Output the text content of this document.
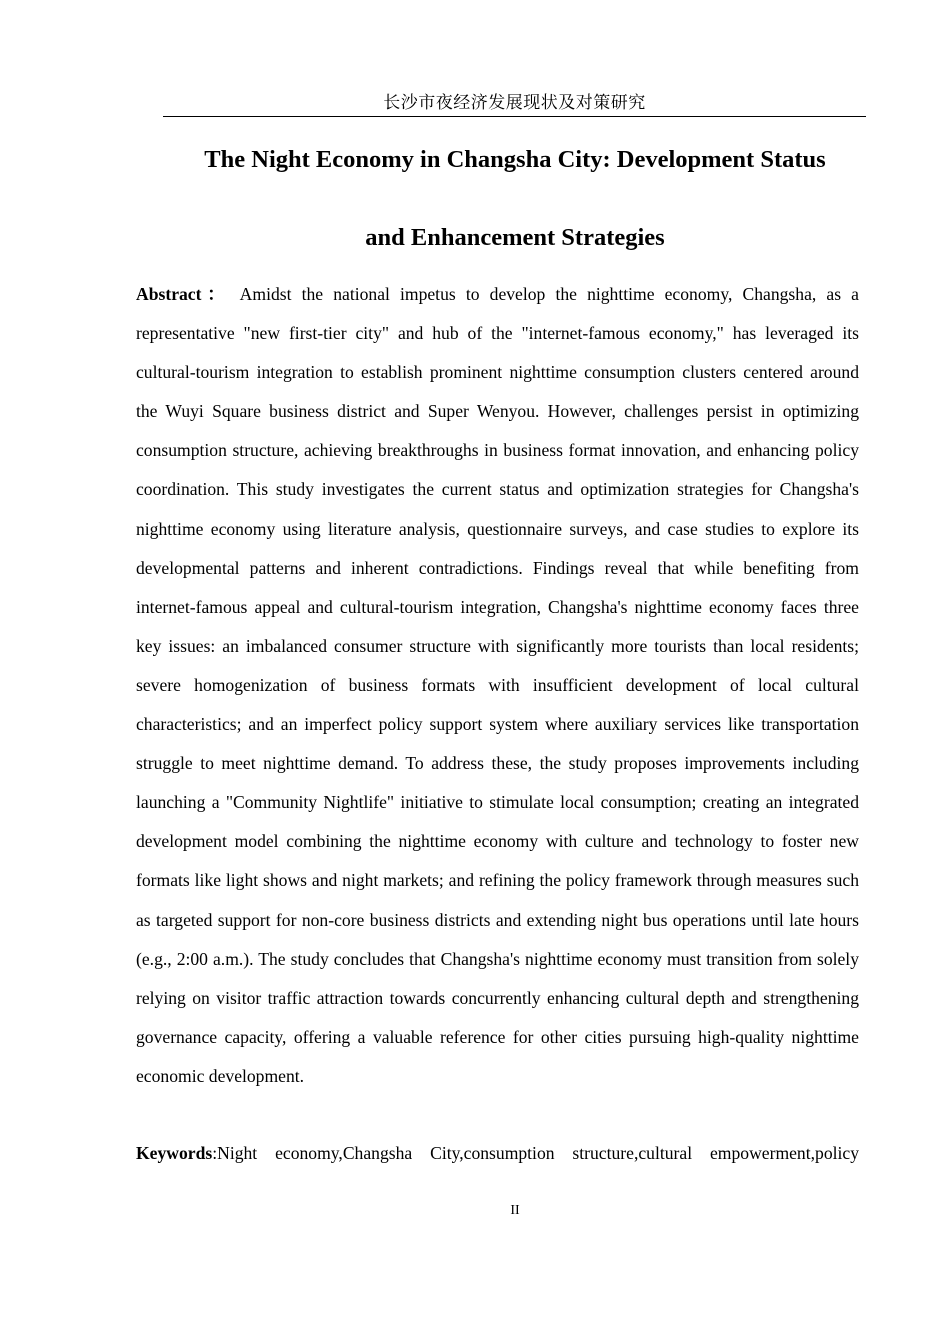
长沙市夜经济发展现状及对策研究
The Night Economy in Changsha City: Development Status
and Enhancement Strategies

Abstract： Amidst the national impetus to develop the nighttime economy, Changsha, as a representative "new first-tier city" and hub of the "internet-famous economy," has leveraged its cultural-tourism integration to establish prominent nighttime consumption clusters centered around the Wuyi Square business district and Super Wenyou. However, challenges persist in optimizing consumption structure, achieving breakthroughs in business format innovation, and enhancing policy coordination. This study investigates the current status and optimization strategies for Changsha's nighttime economy using literature analysis, questionnaire surveys, and case studies to explore its developmental patterns and inherent contradictions. Findings reveal that while benefiting from internet-famous appeal and cultural-tourism integration, Changsha's nighttime economy faces three key issues: an imbalanced consumer structure with significantly more tourists than local residents; severe homogenization of business formats with insufficient development of local cultural characteristics; and an imperfect policy support system where auxiliary services like transportation struggle to meet nighttime demand. To address these, the study proposes improvements including launching a "Community Nightlife" initiative to stimulate local consumption; creating an integrated development model combining the nighttime economy with culture and technology to foster new formats like light shows and night markets; and refining the policy framework through measures such as targeted support for non-core business districts and extending night bus operations until late hours (e.g., 2:00 a.m.). The study concludes that Changsha's nighttime economy must transition from solely relying on visitor traffic attraction towards concurrently enhancing cultural depth and strengthening governance capacity, offering a valuable reference for other cities pursuing high-quality nighttime economic development.

Keywords:Night economy,Changsha City,consumption structure,cultural empowerment,policy

II
